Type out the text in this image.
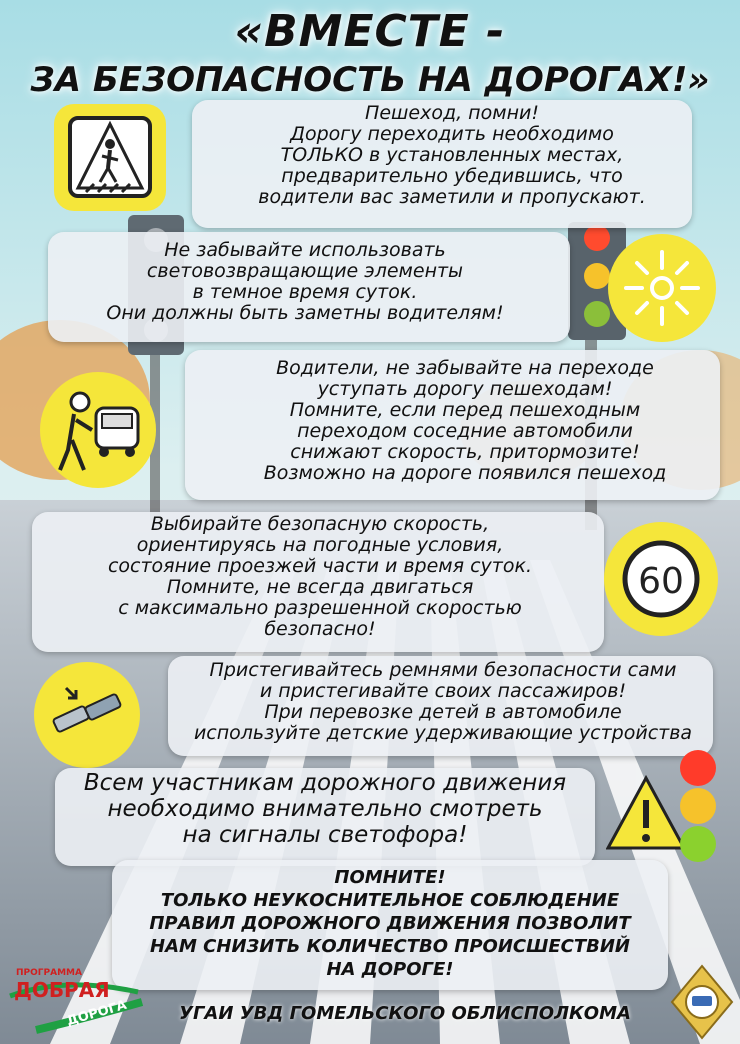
«ВМЕСТЕ -
ЗА БЕЗОПАСНОСТЬ НА ДОРОГАХ!»
Пешеход, помни!
Дорогу переходить необходимо
ТОЛЬКО в установленных местах,
предварительно убедившись, что
водители вас заметили и пропускают.
Не забывайте использовать
световозвращающие элементы
в темное время суток.
Они должны быть заметны водителям!
Водители, не забывайте на переходе
уступать дорогу пешеходам!
Помните, если перед пешеходным
переходом соседние автомобили
снижают скорость, притормозите!
Возможно на дороге появился пешеход
Выбирайте безопасную скорость,
ориентируясь на погодные условия,
состояние проезжей части и время суток.
Помните, не всегда двигаться
с максимально разрешенной скоростью
безопасно!
60
Пристегивайтесь ремнями безопасности сами
и пристегивайте своих пассажиров!
При перевозке детей в автомобиле
используйте детские удерживающие устройства
Всем участникам дорожного движения
необходимо внимательно смотреть
на сигналы светофора!
ПОМНИТЕ!
ТОЛЬКО НЕУКОСНИТЕЛЬНОЕ СОБЛЮДЕНИЕ
ПРАВИЛ ДОРОЖНОГО ДВИЖЕНИЯ ПОЗВОЛИТ
НАМ СНИЗИТЬ КОЛИЧЕСТВО ПРОИСШЕСТВИЙ
НА ДОРОГЕ!
ПРОГРАММА
ДОБРАЯ
ДОРОГА	УГАИ УВД ГОМЕЛЬСКОГО ОБЛИСПОЛКОМА
